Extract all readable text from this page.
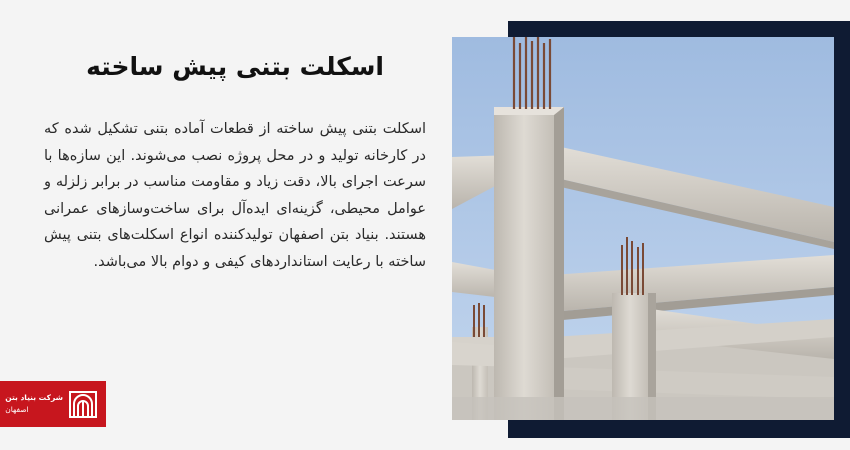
اسکلت بتنی پیش ساخته

اسکلت بتنی پیش ساخته از قطعات آماده بتنی تشکیل شده که در کارخانه تولید و در محل پروژه نصب می‌شوند. این سازه‌ها با سرعت اجرای بالا، دقت زیاد و مقاومت مناسب در برابر زلزله و عوامل محیطی، گزینه‌ای ایده‌آل برای ساخت‌وسازهای عمرانی هستند. بنیاد بتن اصفهان تولیدکننده انواع اسکلت‌های بتنی پیش ساخته با رعایت استانداردهای کیفی و دوام بالا می‌باشد.

شرکت بنیاد بتن
اصفهان
